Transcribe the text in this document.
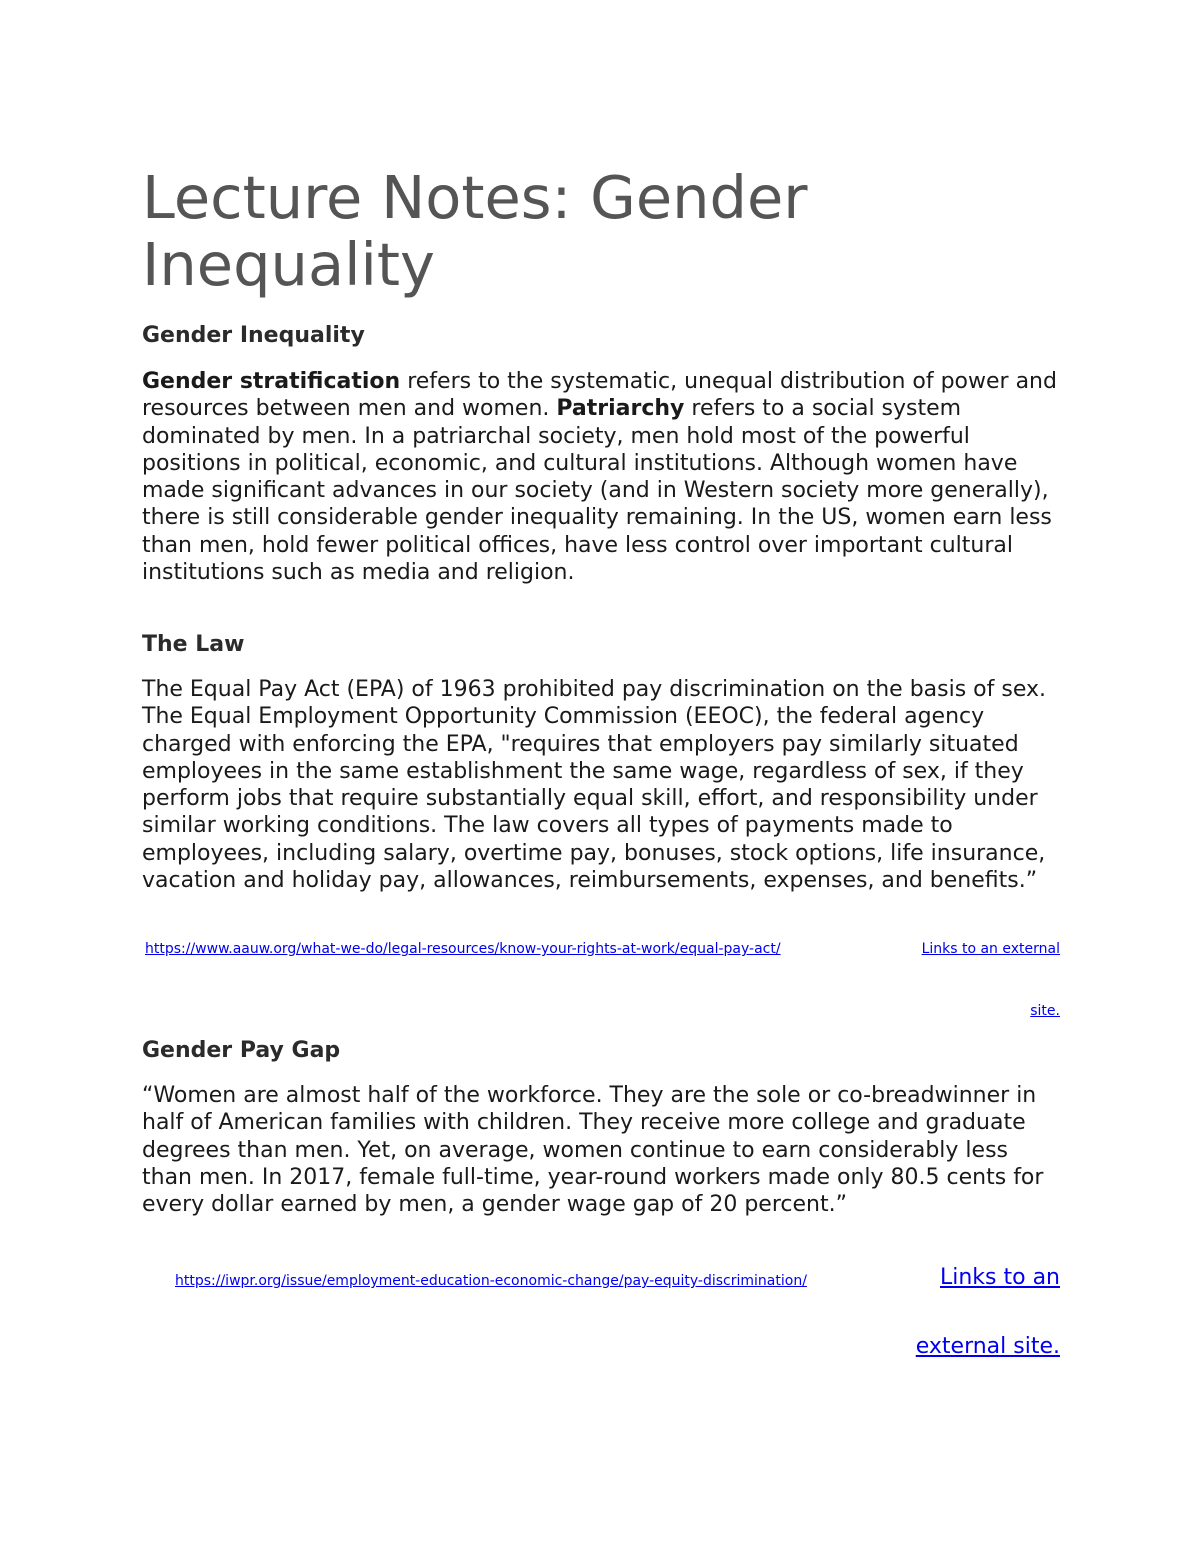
Lecture Notes: Gender Inequality
Gender Inequality

Gender stratification refers to the systematic, unequal distribution of power and resources between men and women. Patriarchy refers to a social system dominated by men. In a patriarchal society, men hold most of the powerful positions in political, economic, and cultural institutions. Although women have made significant advances in our society (and in Western society more generally), there is still considerable gender inequality remaining. In the US, women earn less than men, hold fewer political offices, have less control over important cultural institutions such as media and religion.

The Law

The Equal Pay Act (EPA) of 1963 prohibited pay discrimination on the basis of sex. The Equal Employment Opportunity Commission (EEOC), the federal agency charged with enforcing the EPA, "requires that employers pay similarly situated employees in the same establishment the same wage, regardless of sex, if they perform jobs that require substantially equal skill, effort, and responsibility under similar working conditions. The law covers all types of payments made to employees, including salary, overtime pay, bonuses, stock options, life insurance, vacation and holiday pay, allowances, reimbursements, expenses, and benefits.”

https://www.aauw.org/what-we-do/legal-resources/know-your-rights-at-work/equal-pay-act/	Links to an external
site.
Gender Pay Gap

“Women are almost half of the workforce. They are the sole or co-breadwinner in half of American families with children. They receive more college and graduate degrees than men. Yet, on average, women continue to earn considerably less than men. In 2017, female full-time, year-round workers made only 80.5 cents for every dollar earned by men, a gender wage gap of 20 percent.”

https://iwpr.org/issue/employment-education-economic-change/pay-equity-discrimination/	Links to an
external site.
